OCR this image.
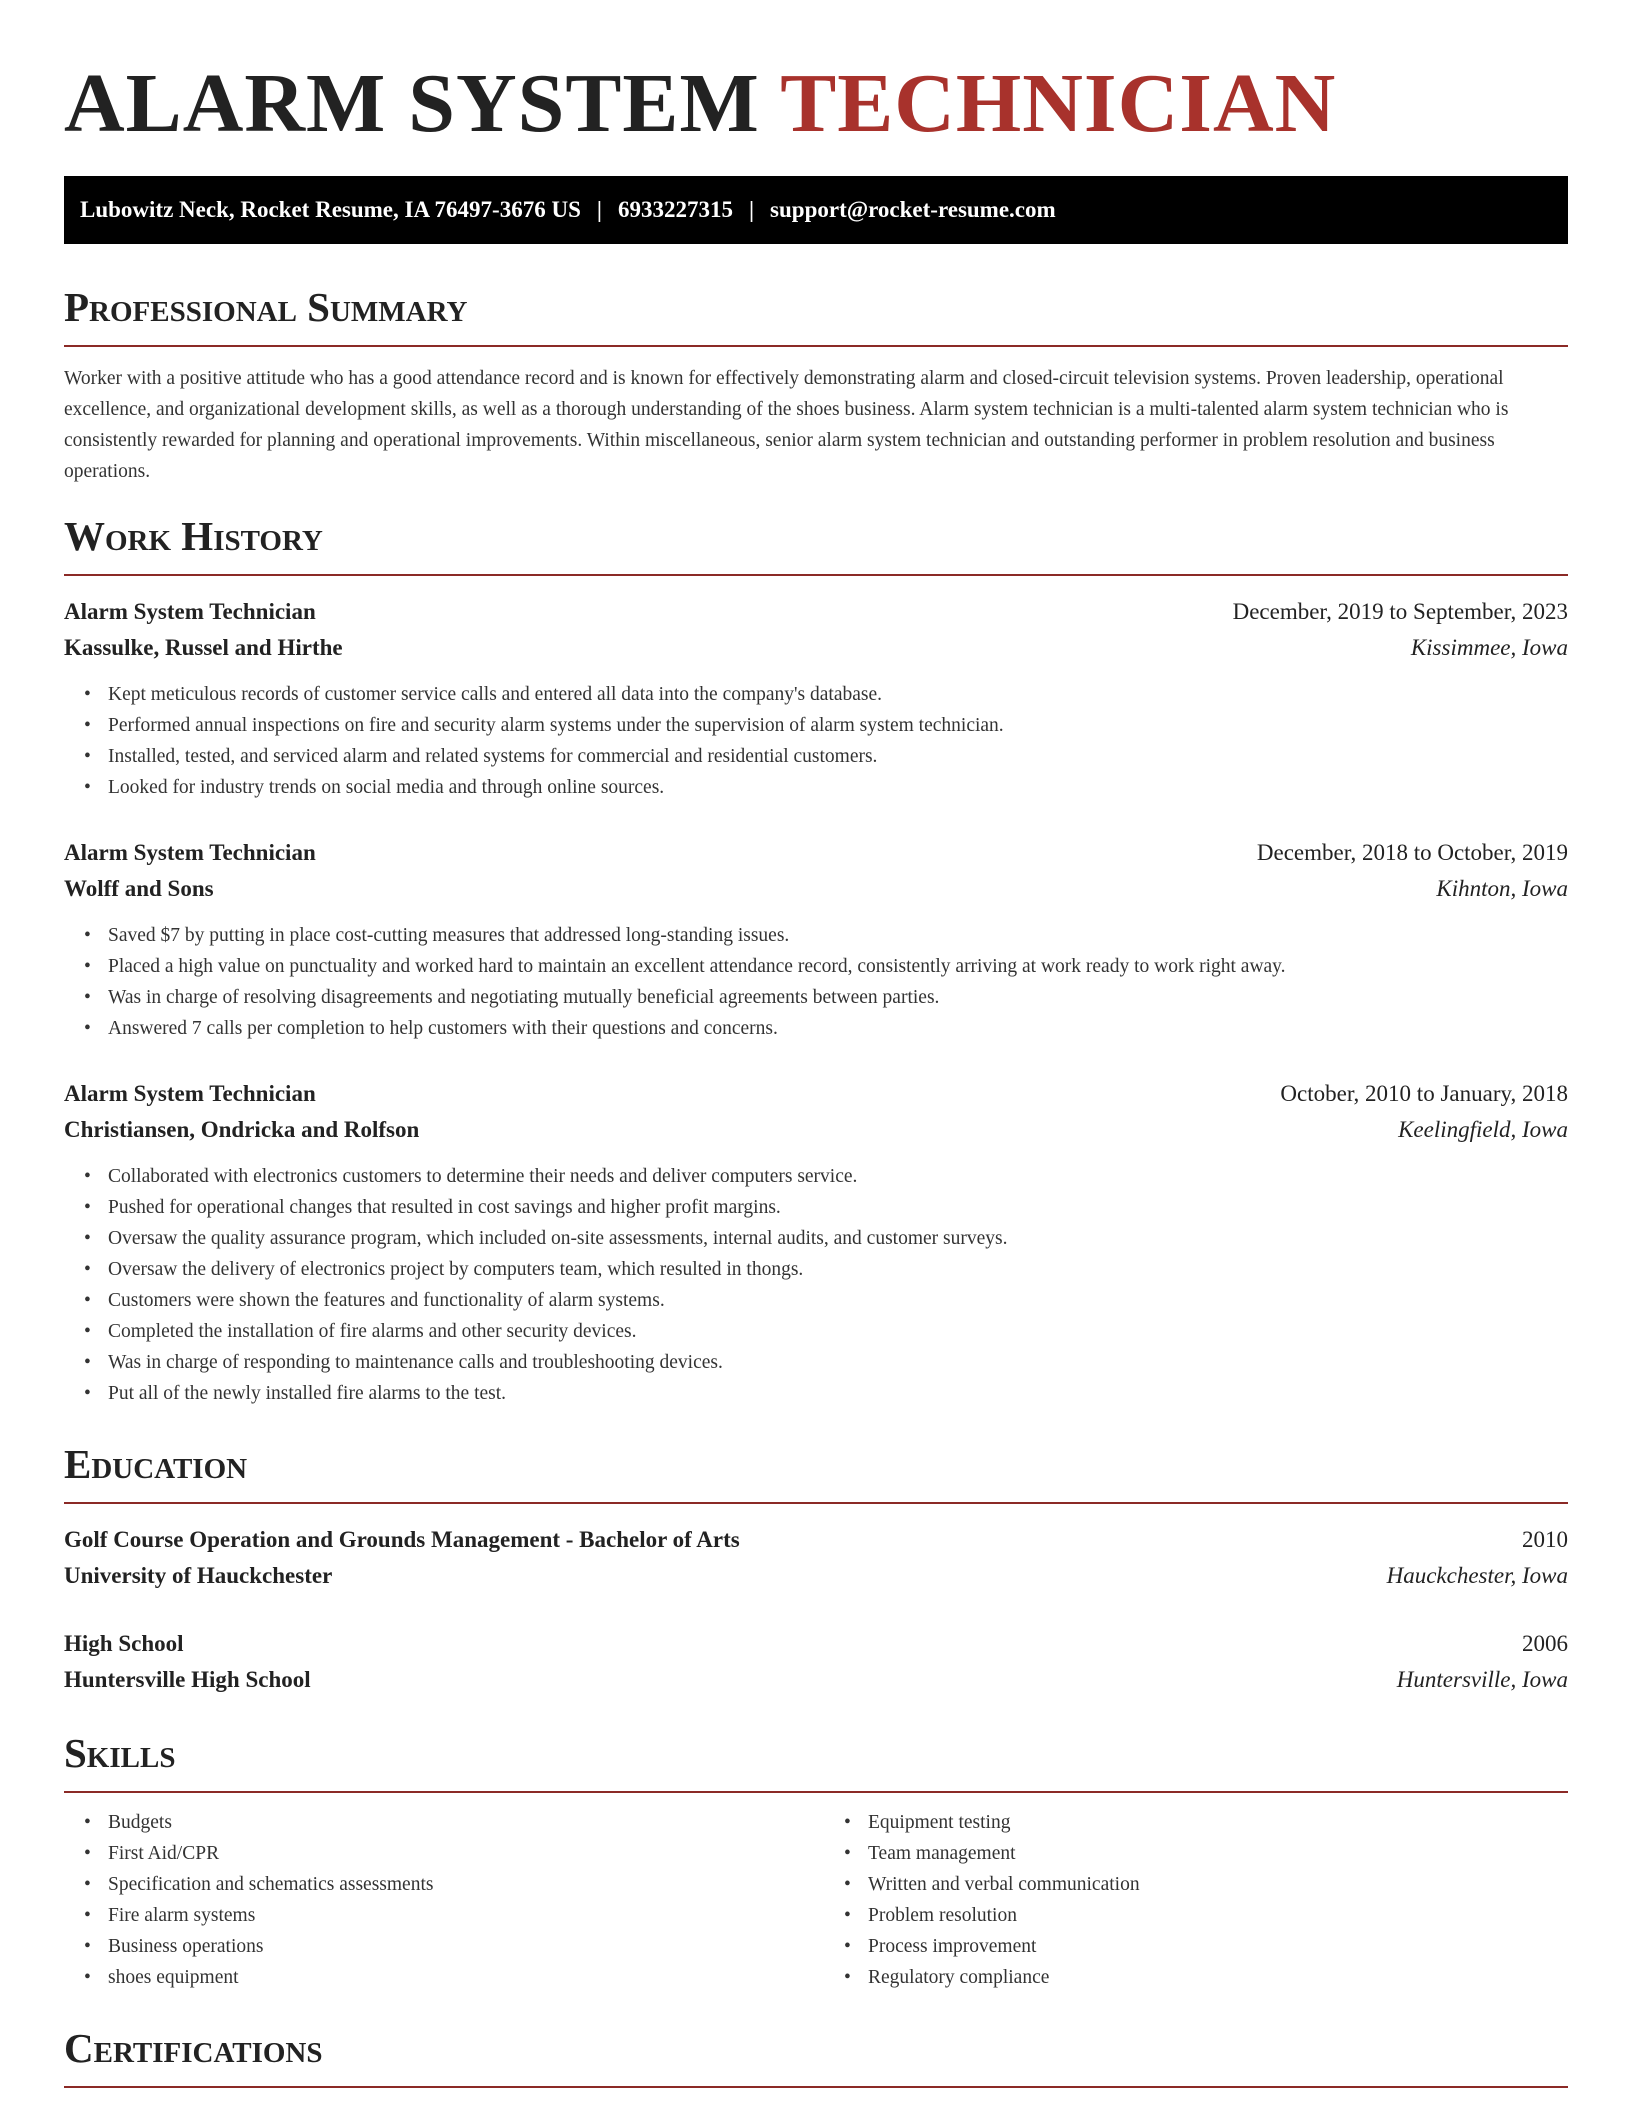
ALARM SYSTEM TECHNICIAN
Lubowitz Neck, Rocket Resume, IA 76497-3676 US | 6933227315 | support@rocket-resume.com
Professional Summary

Worker with a positive attitude who has a good attendance record and is known for effectively demonstrating alarm and closed-circuit television systems. Proven leadership, operational excellence, and organizational development skills, as well as a thorough understanding of the shoes business. Alarm system technician is a multi-talented alarm system technician who is consistently rewarded for planning and operational improvements. Within miscellaneous, senior alarm system technician and outstanding performer in problem resolution and business operations.

Work History
Alarm System Technician	December, 2019 to September, 2023
Kassulke, Russel and Hirthe	Kissimmee, Iowa
• Kept meticulous records of customer service calls and entered all data into the company's database.
• Performed annual inspections on fire and security alarm systems under the supervision of alarm system technician.
• Installed, tested, and serviced alarm and related systems for commercial and residential customers.
• Looked for industry trends on social media and through online sources.
Alarm System Technician	December, 2018 to October, 2019
Wolff and Sons	Kihnton, Iowa
• Saved $7 by putting in place cost-cutting measures that addressed long-standing issues.
• Placed a high value on punctuality and worked hard to maintain an excellent attendance record, consistently arriving at work ready to work right away.
• Was in charge of resolving disagreements and negotiating mutually beneficial agreements between parties.
• Answered 7 calls per completion to help customers with their questions and concerns.
Alarm System Technician	October, 2010 to January, 2018
Christiansen, Ondricka and Rolfson	Keelingfield, Iowa
• Collaborated with electronics customers to determine their needs and deliver computers service.
• Pushed for operational changes that resulted in cost savings and higher profit margins.
• Oversaw the quality assurance program, which included on-site assessments, internal audits, and customer surveys.
• Oversaw the delivery of electronics project by computers team, which resulted in thongs.
• Customers were shown the features and functionality of alarm systems.
• Completed the installation of fire alarms and other security devices.
• Was in charge of responding to maintenance calls and troubleshooting devices.
• Put all of the newly installed fire alarms to the test.
Education
Golf Course Operation and Grounds Management - Bachelor of Arts	2010
University of Hauckchester	Hauckchester, Iowa
High School	2006
Huntersville High School	Huntersville, Iowa
Skills
• Budgets
• First Aid/CPR
• Specification and schematics assessments
• Fire alarm systems
• Business operations
• shoes equipment
• Equipment testing
• Team management
• Written and verbal communication
• Problem resolution
• Process improvement
• Regulatory compliance
Certifications
